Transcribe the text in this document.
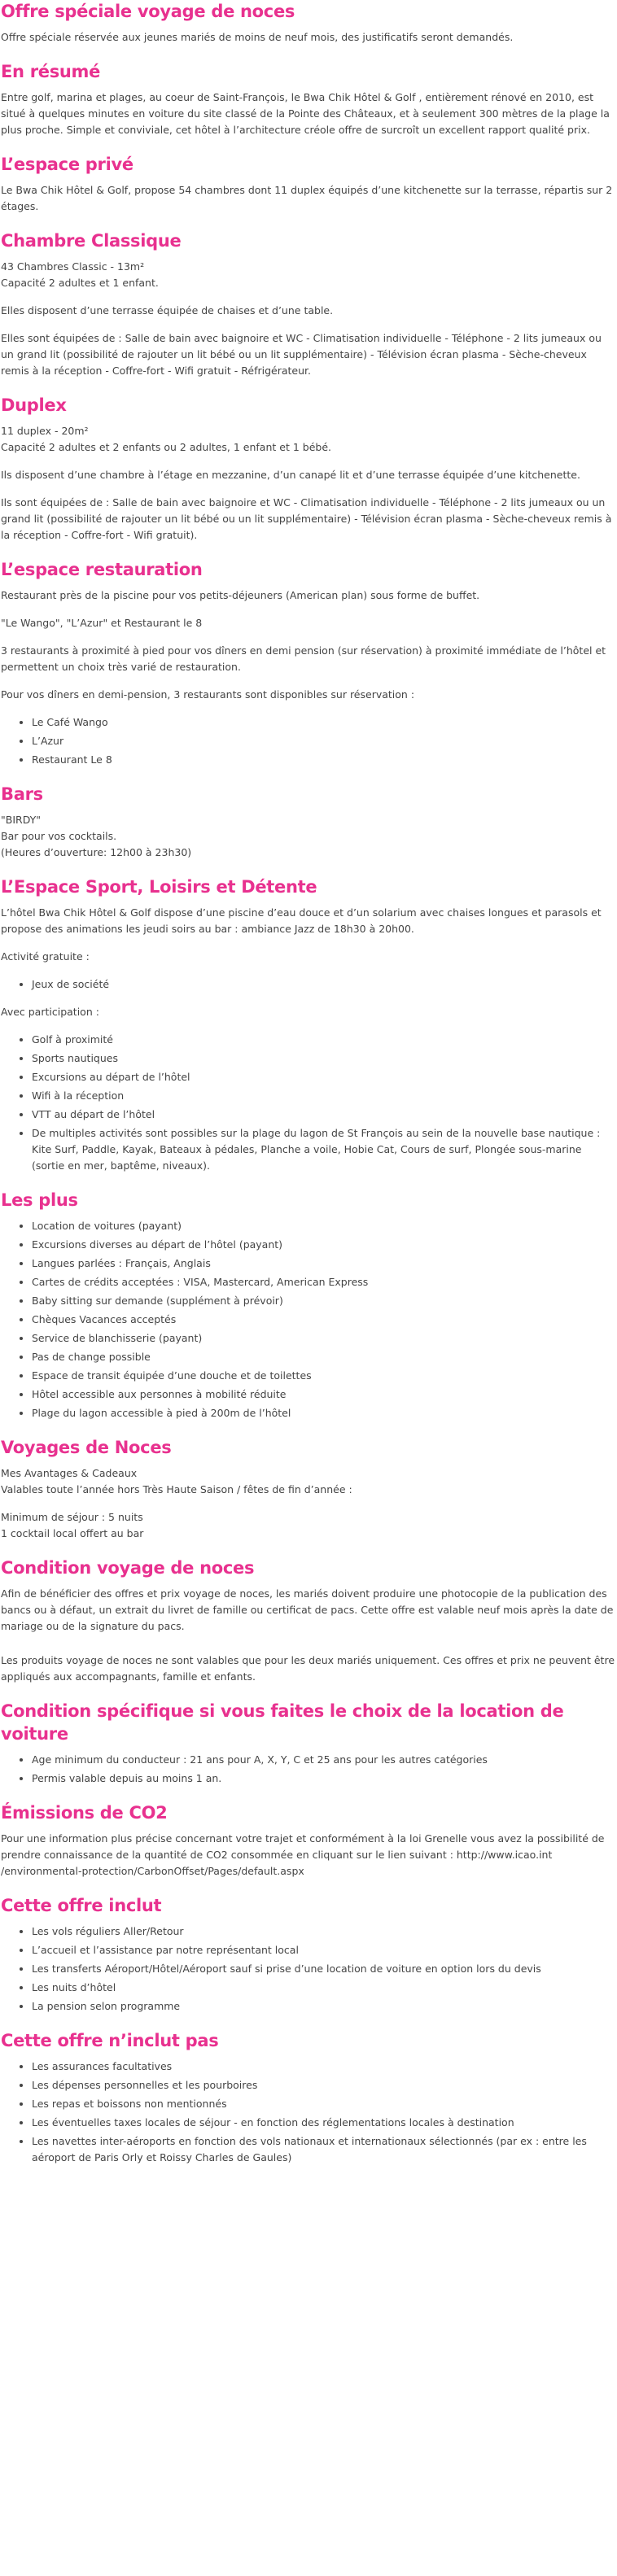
Offre spéciale voyage de noces

Offre spéciale réservée aux jeunes mariés de moins de neuf mois, des justificatifs seront demandés.

En résumé

Entre golf, marina et plages, au coeur de Saint-François, le Bwa Chik Hôtel & Golf , entièrement rénové en 2010, est situé à quelques minutes en voiture du site classé de la Pointe des Châteaux, et à seulement 300 mètres de la plage la plus proche. Simple et conviviale, cet hôtel à l’architecture créole offre de surcroît un excellent rapport qualité prix.

L’espace privé

Le Bwa Chik Hôtel & Golf, propose 54 chambres dont 11 duplex équipés d’une kitchenette sur la terrasse, répartis sur 2 étages.

Chambre Classique

43 Chambres Classic - 13m²
Capacité 2 adultes et 1 enfant.

Elles disposent d’une terrasse équipée de chaises et d’une table.

Elles sont équipées de : Salle de bain avec baignoire et WC - Climatisation individuelle - Téléphone - 2 lits jumeaux ou un grand lit (possibilité de rajouter un lit bébé ou un lit supplémentaire) - Télévision écran plasma - Sèche-cheveux remis à la réception - Coffre-fort - Wifi gratuit - Réfrigérateur.

Duplex

11 duplex - 20m²
Capacité 2 adultes et 2 enfants ou 2 adultes, 1 enfant et 1 bébé.

Ils disposent d’une chambre à l’étage en mezzanine, d’un canapé lit et d’une terrasse équipée d’une kitchenette.

Ils sont équipées de : Salle de bain avec baignoire et WC - Climatisation individuelle - Téléphone - 2 lits jumeaux ou un grand lit (possibilité de rajouter un lit bébé ou un lit supplémentaire) - Télévision écran plasma - Sèche-cheveux remis à la réception - Coffre-fort - Wifi gratuit).

L’espace restauration

Restaurant près de la piscine pour vos petits-déjeuners (American plan) sous forme de buffet.

"Le Wango", "L’Azur" et Restaurant le 8

3 restaurants à proximité à pied pour vos dîners en demi pension (sur réservation) à proximité immédiate de l’hôtel et permettent un choix très varié de restauration.

Pour vos dîners en demi-pension, 3 restaurants sont disponibles sur réservation :

• Le Café Wango
• L’Azur
• Restaurant Le 8
Bars

"BIRDY"
Bar pour vos cocktails.
(Heures d’ouverture: 12h00 à 23h30)

L’Espace Sport, Loisirs et Détente

L’hôtel Bwa Chik Hôtel & Golf dispose d’une piscine d’eau douce et d’un solarium avec chaises longues et parasols et propose des animations les jeudi soirs au bar : ambiance Jazz de 18h30 à 20h00.

Activité gratuite :

• Jeux de société

Avec participation :

• Golf à proximité
• Sports nautiques
• Excursions au départ de l’hôtel
• Wifi à la réception
• VTT au départ de l’hôtel
• De multiples activités sont possibles sur la plage du lagon de St François au sein de la nouvelle base nautique : Kite Surf, Paddle, Kayak, Bateaux à pédales, Planche a voile, Hobie Cat, Cours de surf, Plongée sous-marine (sortie en mer, baptême, niveaux).
Les plus
• Location de voitures (payant)
• Excursions diverses au départ de l’hôtel (payant)
• Langues parlées : Français, Anglais
• Cartes de crédits acceptées : VISA, Mastercard, American Express
• Baby sitting sur demande (supplément à prévoir)
• Chèques Vacances acceptés
• Service de blanchisserie (payant)
• Pas de change possible
• Espace de transit équipée d’une douche et de toilettes
• Hôtel accessible aux personnes à mobilité réduite
• Plage du lagon accessible à pied à 200m de l’hôtel
Voyages de Noces

Mes Avantages & Cadeaux
Valables toute l’année hors Très Haute Saison / fêtes de fin d’année :

Minimum de séjour : 5 nuits
1 cocktail local offert au bar

Condition voyage de noces

Afin de bénéficier des offres et prix voyage de noces, les mariés doivent produire une photocopie de la publication des bancs ou à défaut, un extrait du livret de famille ou certificat de pacs. Cette offre est valable neuf mois après la date de mariage ou de la signature du pacs.

Les produits voyage de noces ne sont valables que pour les deux mariés uniquement. Ces offres et prix ne peuvent être appliqués aux accompagnants, famille et enfants.

Condition spécifique si vous faites le choix de la location de voiture
• Age minimum du conducteur : 21 ans pour A, X, Y, C et 25 ans pour les autres catégories
• Permis valable depuis au moins 1 an.
Émissions de CO2

Pour une information plus précise concernant votre trajet et conformément à la loi Grenelle vous avez la possibilité de prendre connaissance de la quantité de CO2 consommée en cliquant sur le lien suivant : http://www.icao.int /environmental-protection/CarbonOffset/Pages/default.aspx

Cette offre inclut
• Les vols réguliers Aller/Retour
• L’accueil et l’assistance par notre représentant local
• Les transferts Aéroport/Hôtel/Aéroport sauf si prise d’une location de voiture en option lors du devis
• Les nuits d’hôtel
• La pension selon programme
Cette offre n’inclut pas
• Les assurances facultatives
• Les dépenses personnelles et les pourboires
• Les repas et boissons non mentionnés
• Les éventuelles taxes locales de séjour - en fonction des réglementations locales à destination
• Les navettes inter-aéroports en fonction des vols nationaux et internationaux sélectionnés (par ex : entre les aéroport de Paris Orly et Roissy Charles de Gaules)
